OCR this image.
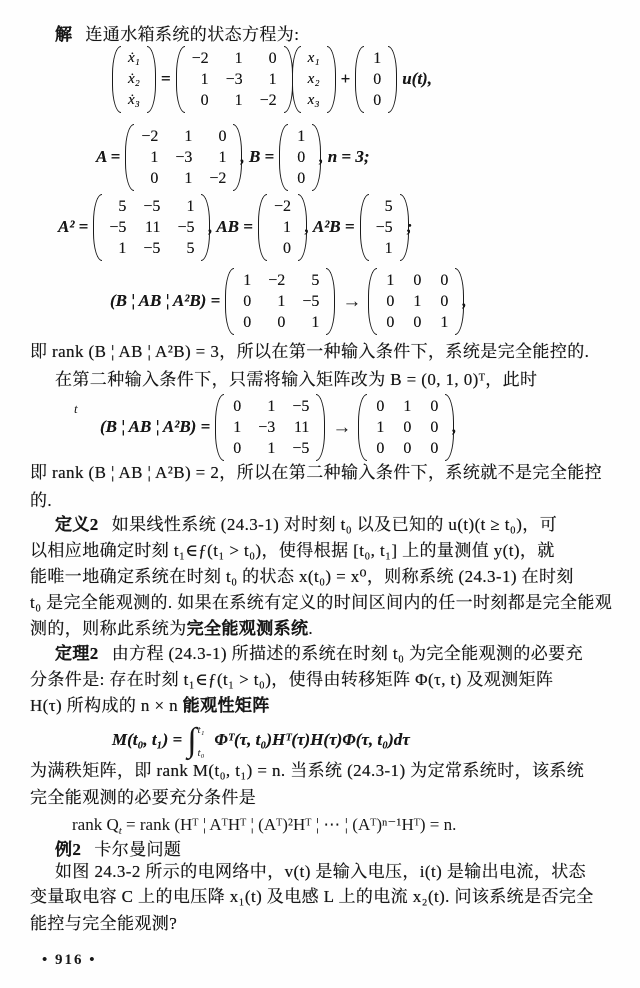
解 连通水箱系统的状态方程为:
ẋ₁
ẋ₂
ẋ₃
=
−2 1 0
1 −3 1
0 1 −2
x₁
x₂
x₃
+
1
0
0
u(t),
A =
−2 1 0
1 −3 1
0 1 −2
, B =
1
0
0
, n = 3;
A² =
5 −5 1
−5 11 −5
1 −5 5
, AB =
−2
1
0
, A²B =
5
−5
1
;
(B ¦ AB ¦ A²B) =
1 −2 5
0 1 −5
0 0 1
→
1 0 0
0 1 0
0 0 1
,
即 rank (B ¦ AB ¦ A²B) = 3，所以在第一种输入条件下，系统是完全能控的.
在第二种输入条件下，只需将输入矩阵改为 B = (0, 1, 0)ᵀ，此时
t
(B ¦ AB ¦ A²B) =
0 1 −5
1 −3 11
0 1 −5
→
0 1 0
1 0 0
0 0 0
,
即 rank (B ¦ AB ¦ A²B) = 2，所以在第二种输入条件下，系统就不是完全能控
的.
定义2 如果线性系统 (24.3-1) 对时刻 t₀ 以及已知的 u(t)(t ≥ t₀)，可
以相应地确定时刻 t₁∈ƒ(t₁ > t₀)，使得根据 [t₀, t₁] 上的量测值 y(t)，就
能唯一地确定系统在时刻 t₀ 的状态 x(t₀) = x⁰，则称系统 (24.3-1) 在时刻
t₀ 是完全能观测的. 如果在系统有定义的时间区间内的任一时刻都是完全能观
测的，则称此系统为完全能观测系统.
定理2 由方程 (24.3-1) 所描述的系统在时刻 t₀ 为完全能观测的必要充
分条件是: 存在时刻 t₁∈ƒ(t₁ > t₀)，使得由转移矩阵 Φ(τ, t) 及观测矩阵
H(τ) 所构成的 n × n 能观性矩阵
M(t₀, t₁) = ∫ t₁
t₀
Φᵀ(τ, t₀)Hᵀ(τ)H(τ)Φ(τ, t₀)dτ
为满秩矩阵，即 rank M(t₀, t₁) = n. 当系统 (24.3-1) 为定常系统时，该系统
完全能观测的必要充分条件是
rank $Q_t$ = rank (Hᵀ ¦ AᵀHᵀ ¦ (Aᵀ)²Hᵀ ¦ ⋯ ¦ (Aᵀ)ⁿ⁻¹Hᵀ) = n.
例2 卡尔曼问题
如图 24.3-2 所示的电网络中，v(t) 是输入电压，i(t) 是输出电流，状态
变量取电容 C 上的电压降 x₁(t) 及电感 L 上的电流 x₂(t). 问该系统是否完全
能控与完全能观测?
• 916 •
